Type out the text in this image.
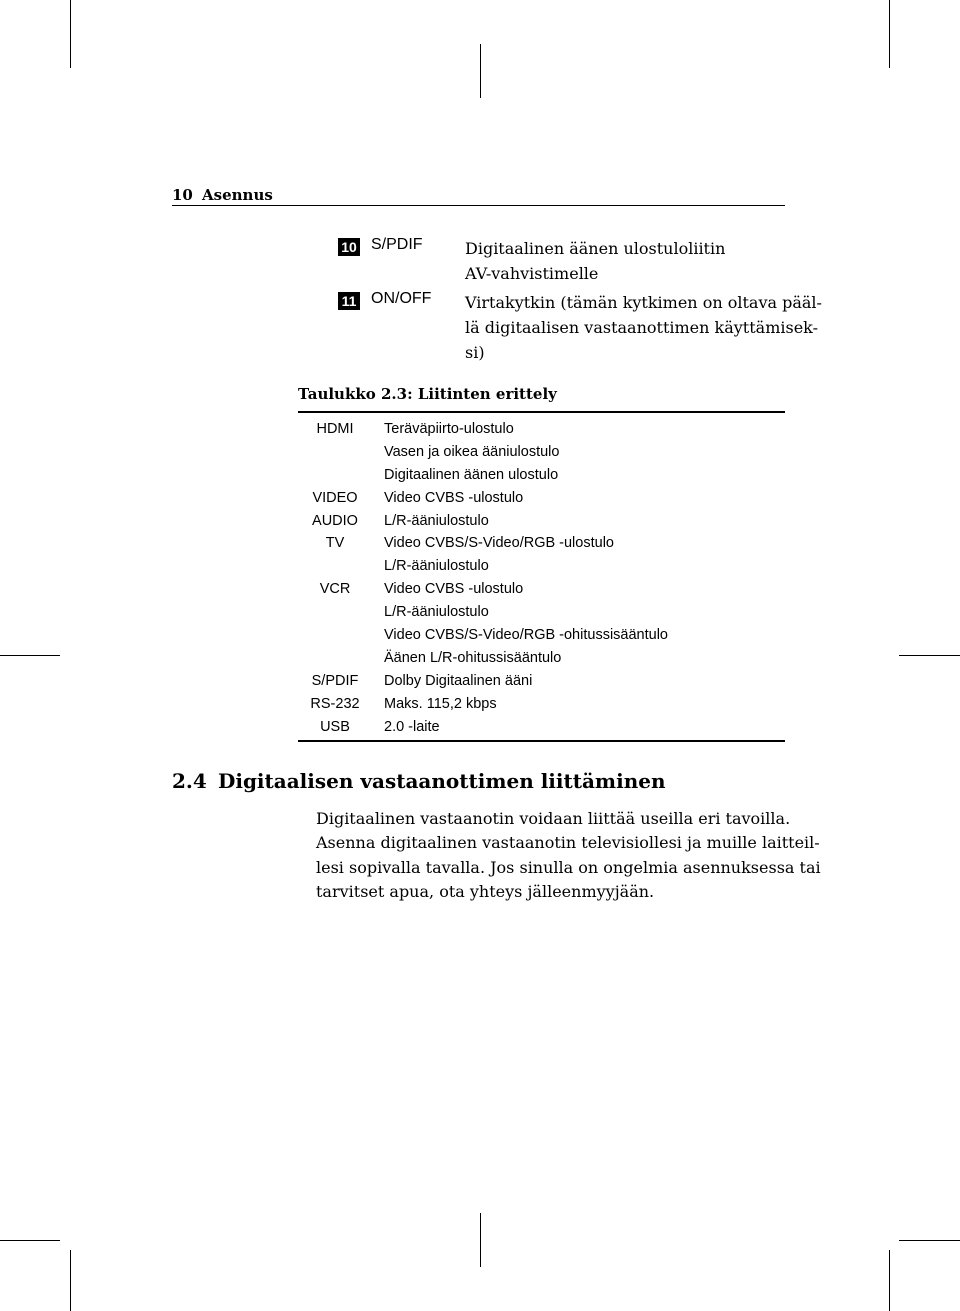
10 Asennus
10 S/PDIF	Digitaalinen äänen ulostuloliitin
AV-vahvistimelle
11 ON/OFF Virtakytkin (tämän kytkimen on oltava pääl-
lä digitaalisen vastaanottimen käyttämisek-
si)
Taulukko 2.3: Liitinten erittely
HDMI	Teräväpiirto-ulostulo
Vasen ja oikea ääniulostulo
Digitaalinen äänen ulostulo
VIDEO	Video CVBS -ulostulo
AUDIO	L/R-ääniulostulo
TV	Video CVBS/S-Video/RGB -ulostulo
L/R-ääniulostulo
VCR	Video CVBS -ulostulo
L/R-ääniulostulo
Video CVBS/S-Video/RGB -ohitussisääntulo
Äänen L/R-ohitussisääntulo
S/PDIF	Dolby Digitaalinen ääni
RS-232	Maks. 115,2 kbps
USB	2.0 -laite
2.4 Digitaalisen vastaanottimen liittäminen
Digitaalinen vastaanotin voidaan liittää useilla eri tavoilla.
Asenna digitaalinen vastaanotin televisiollesi ja muille laitteil-
lesi sopivalla tavalla. Jos sinulla on ongelmia asennuksessa tai
tarvitset apua, ota yhteys jälleenmyyjään.
